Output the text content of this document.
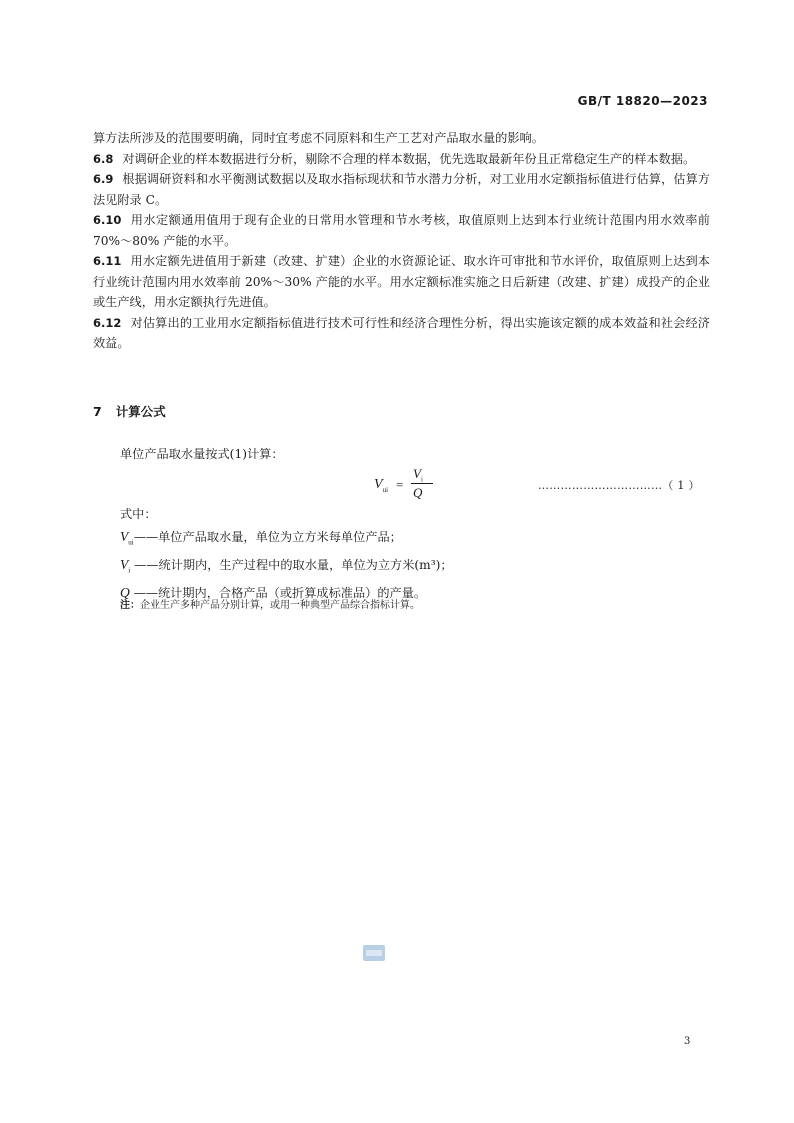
GB/T 18820—2023

算方法所涉及的范围要明确，同时宜考虑不同原料和生产工艺对产品取水量的影响。

6.8 对调研企业的样本数据进行分析，剔除不合理的样本数据，优先选取最新年份且正常稳定生产的样本数据。

6.9 根据调研资料和水平衡测试数据以及取水指标现状和节水潜力分析，对工业用水定额指标值进行估算，估算方法见附录 C。

6.10 用水定额通用值用于现有企业的日常用水管理和节水考核，取值原则上达到本行业统计范围内用水效率前 70%～80% 产能的水平。

6.11 用水定额先进值用于新建（改建、扩建）企业的水资源论证、取水许可审批和节水评价，取值原则上达到本行业统计范围内用水效率前 20%～30% 产能的水平。用水定额标准实施之日后新建（改建、扩建）成投产的企业或生产线，用水定额执行先进值。

6.12 对估算出的工业用水定额指标值进行技术可行性和经济合理性分析，得出实施该定额的成本效益和社会经济效益。

7 计算公式
单位产品取水量按式(1)计算：
$V_{ui}$ =
$V_i$
Q	……………………………（ 1 ）
式中：
$V_{ui}——$单位产品取水量，单位为立方米每单位产品；
$V_i$ ——统计期内，生产过程中的取水量，单位为立方米(m³)；
Q ——统计期内，合格产品（或折算成标准品）的产量。
注：企业生产多种产品分别计算，或用一种典型产品综合指标计算。
3
